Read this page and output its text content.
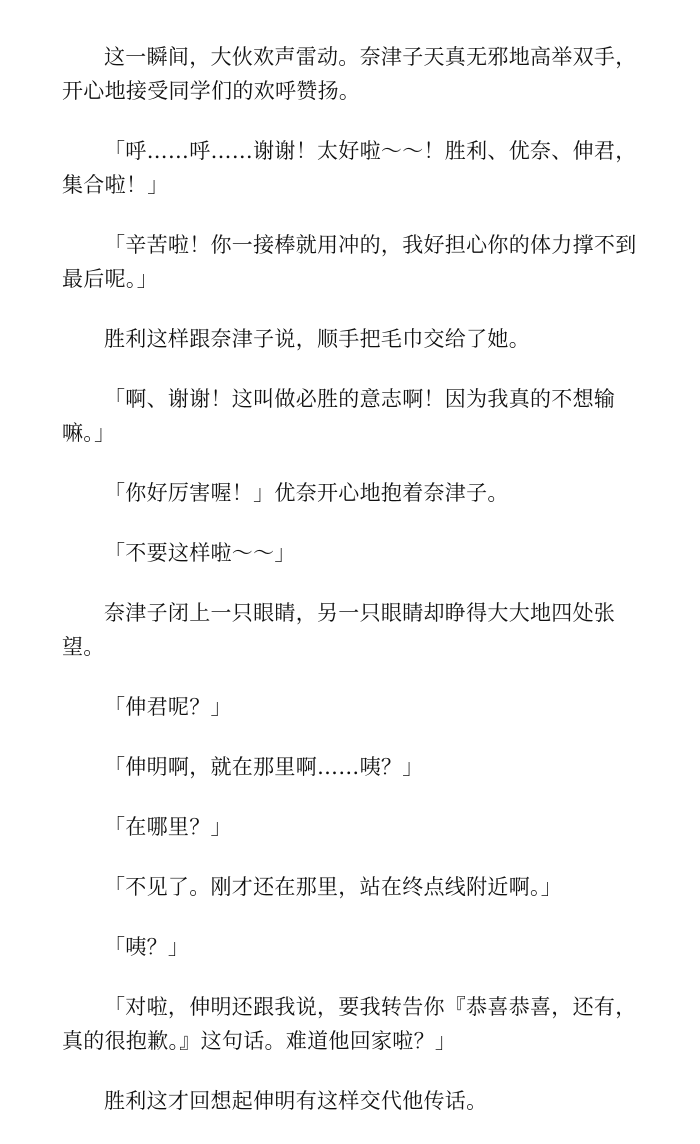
这一瞬间，大伙欢声雷动。奈津子天真无邪地高举双手，开心地接受同学们的欢呼赞扬。

「呼……呼……谢谢！太好啦～～！胜利、优奈、伸君，集合啦！」

「辛苦啦！你一接棒就用冲的，我好担心你的体力撑不到最后呢。」

胜利这样跟奈津子说，顺手把毛巾交给了她。

「啊、谢谢！这叫做必胜的意志啊！因为我真的不想输嘛。」

「你好厉害喔！」优奈开心地抱着奈津子。

「不要这样啦～～」

奈津子闭上一只眼睛，另一只眼睛却睁得大大地四处张望。

「伸君呢？」

「伸明啊，就在那里啊……咦？」

「在哪里？」

「不见了。刚才还在那里，站在终点线附近啊。」

「咦？」

「对啦，伸明还跟我说，要我转告你『恭喜恭喜，还有，真的很抱歉。』这句话。难道他回家啦？」

胜利这才回想起伸明有这样交代他传话。
